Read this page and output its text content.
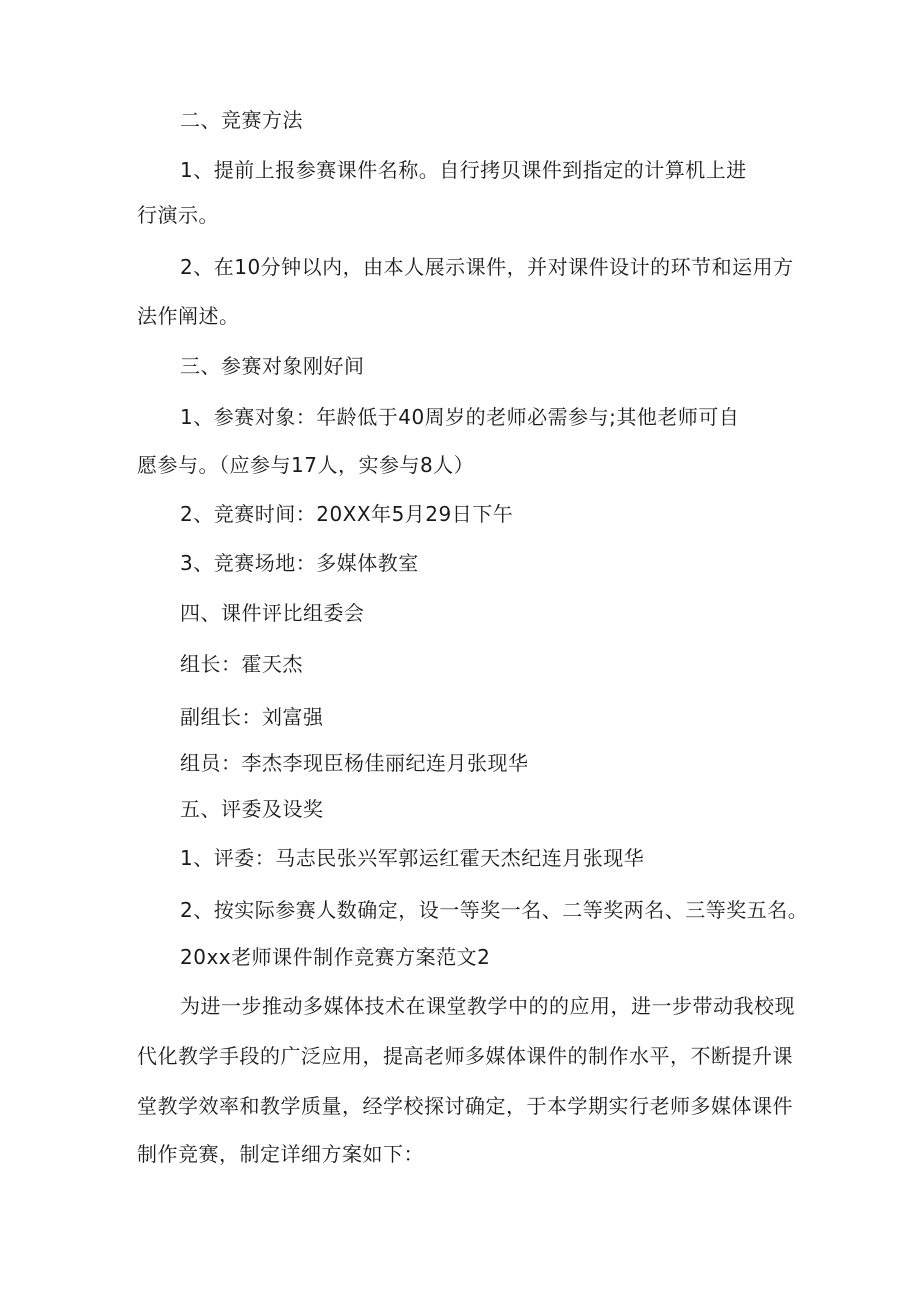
二、竞赛方法
1、提前上报参赛课件名称。自行拷贝课件到指定的计算机上进
行演示。
2、在10分钟以内，由本人展示课件，并对课件设计的环节和运用方
法作阐述。
三、参赛对象刚好间
1、参赛对象：年龄低于40周岁的老师必需参与;其他老师可自
愿参与。（应参与17人，实参与8人）
2、竞赛时间：20XX年5月29日下午
3、竞赛场地：多媒体教室
四、课件评比组委会
组长：霍天杰
副组长：刘富强
组员：李杰李现臣杨佳丽纪连月张现华
五、评委及设奖
1、评委：马志民张兴军郭运红霍天杰纪连月张现华
2、按实际参赛人数确定，设一等奖一名、二等奖两名、三等奖五名。
20xx老师课件制作竞赛方案范文2
为进一步推动多媒体技术在课堂教学中的的应用，进一步带动我校现
代化教学手段的广泛应用，提高老师多媒体课件的制作水平，不断提升课
堂教学效率和教学质量，经学校探讨确定，于本学期实行老师多媒体课件
制作竞赛，制定详细方案如下：
